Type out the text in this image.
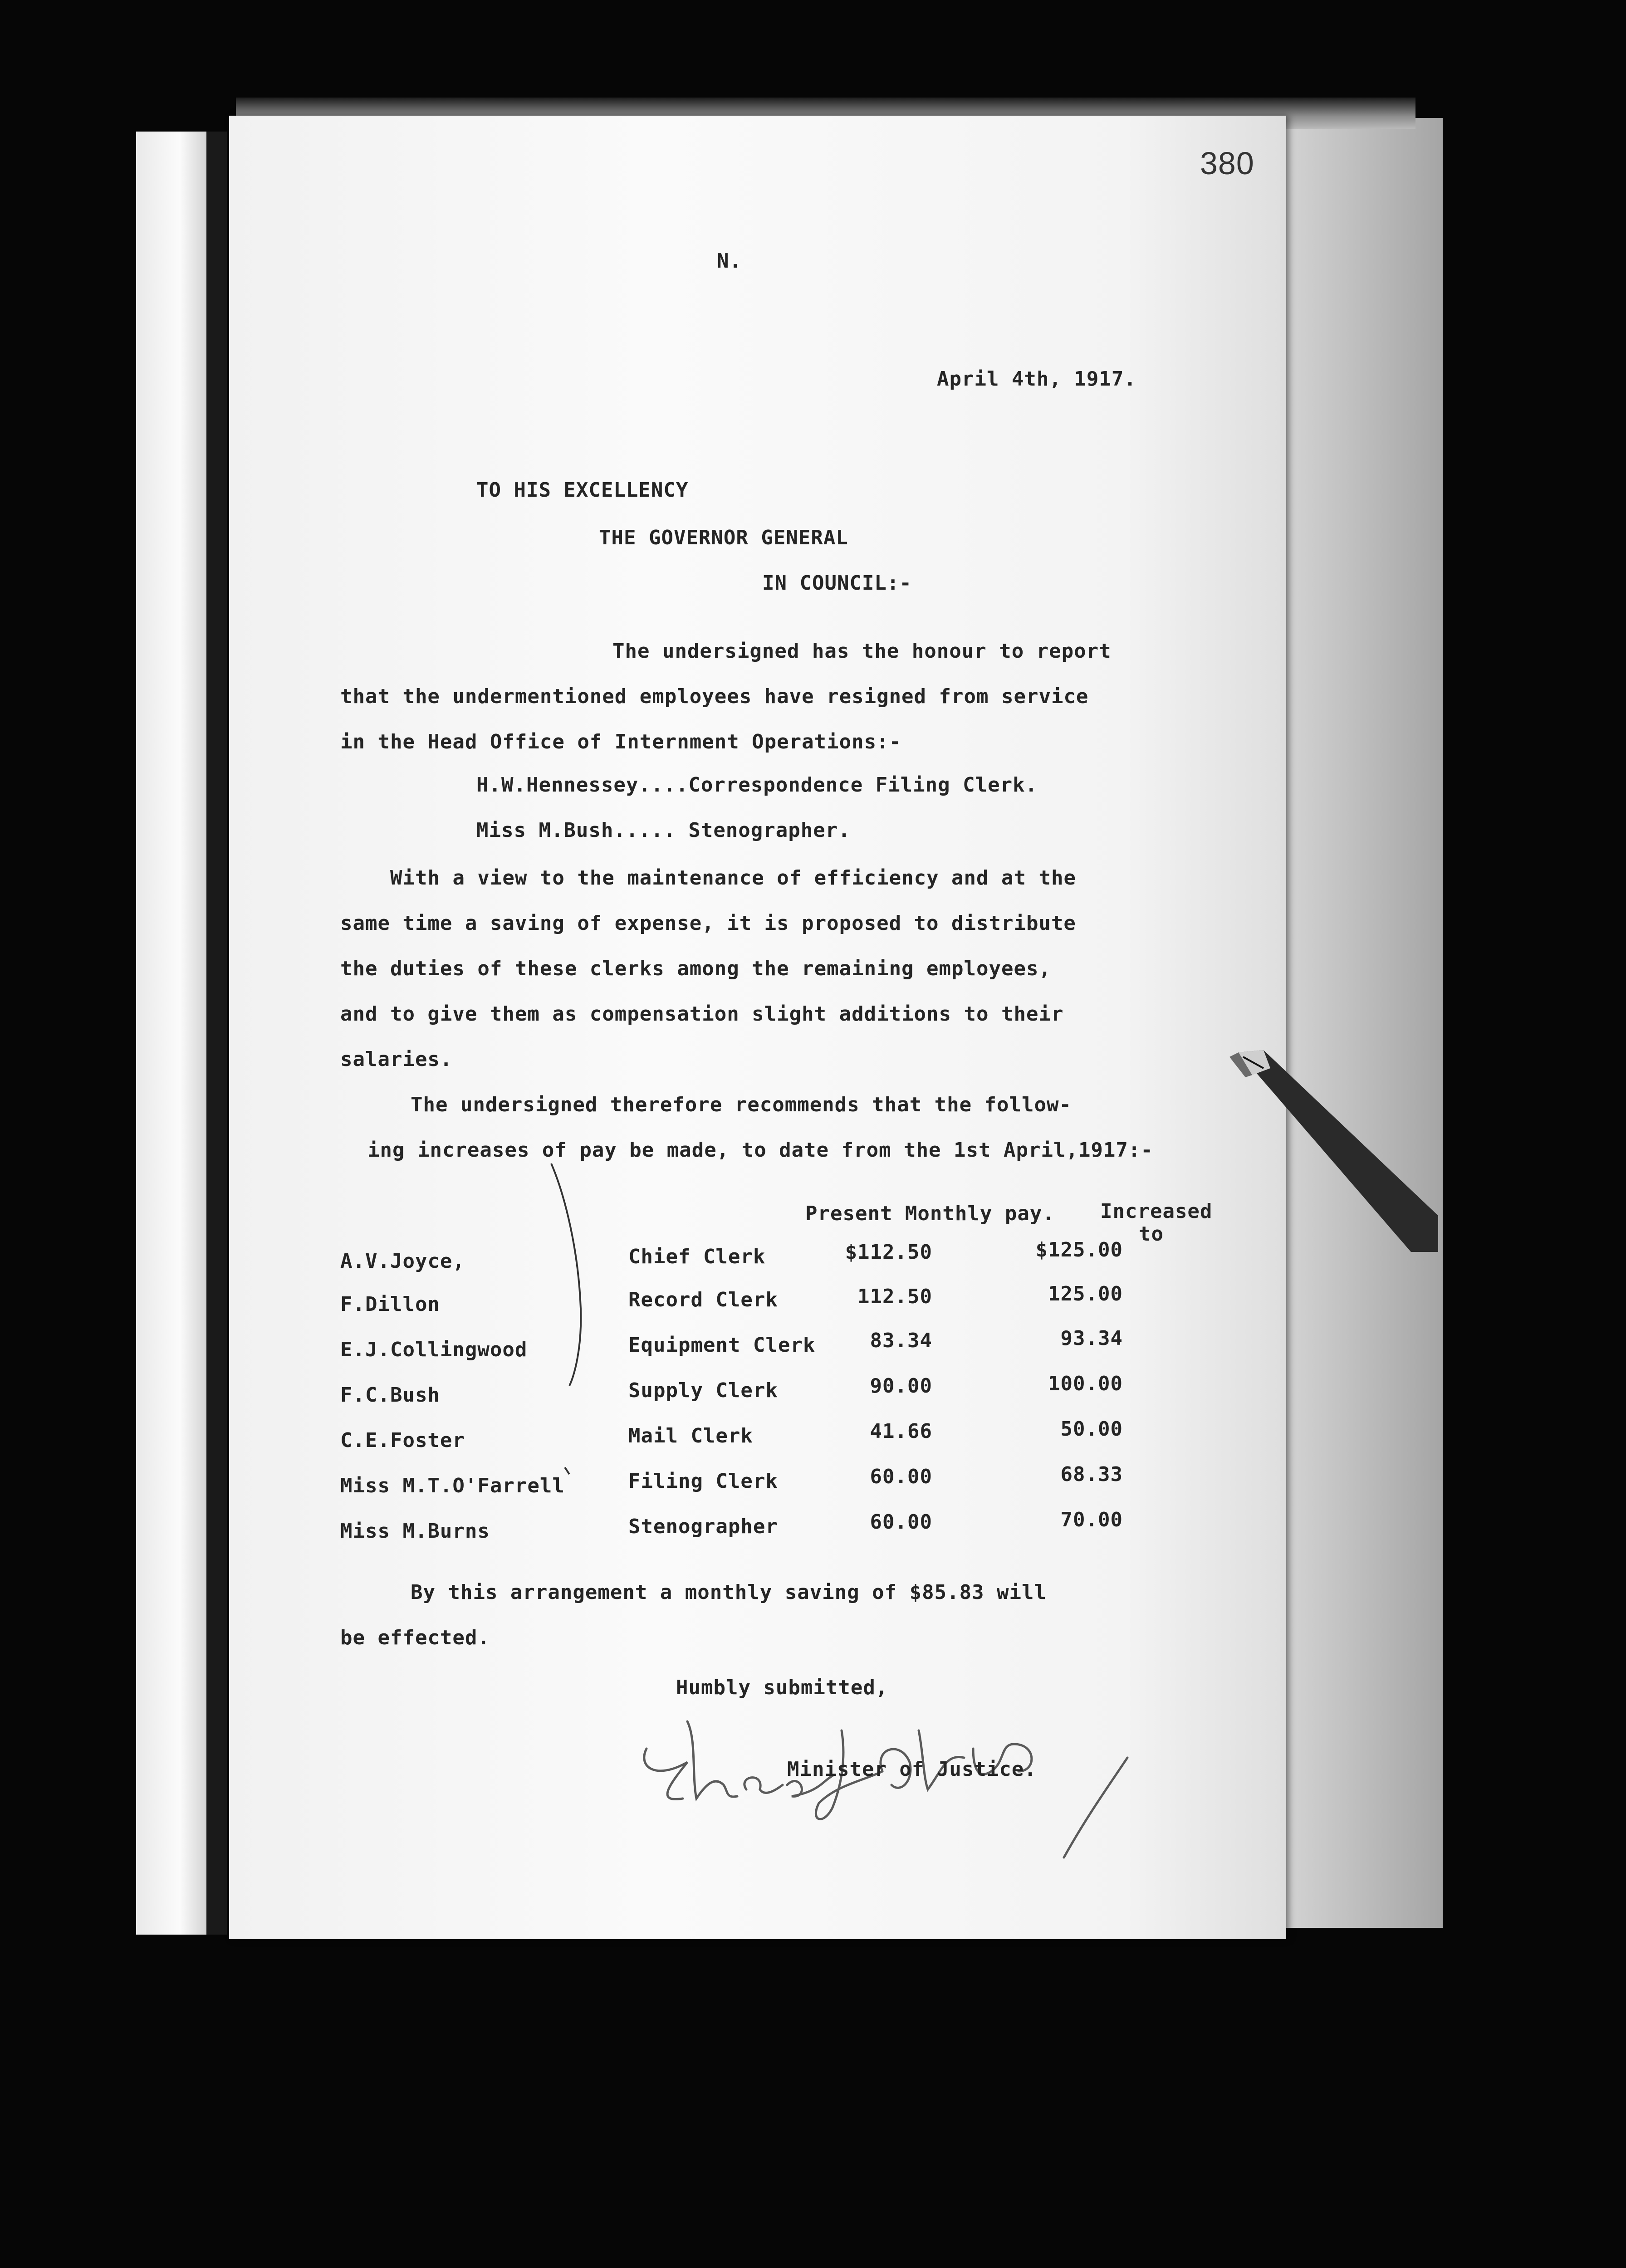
380
N.
April 4th, 1917.
TO HIS EXCELLENCY
THE GOVERNOR GENERAL
IN COUNCIL:-
The undersigned has the honour to report
that the undermentioned employees have resigned from service
in the Head Office of Internment Operations:-
H.W.Hennessey....Correspondence Filing Clerk.
Miss M.Bush..... Stenographer.
With a view to the maintenance of efficiency and at the
same time a saving of expense, it is proposed to distribute
the duties of these clerks among the remaining employees,
and to give them as compensation slight additions to their
salaries.
The undersigned therefore recommends that the follow-
ing increases of pay be made, to date from the 1st April,1917:-
Present Monthly pay. Increased
to
A.V.Joyce,	Chief Clerk	$112.50	$125.00
F.Dillon	Record Clerk	112.50	125.00
E.J.Collingwood	Equipment Clerk	83.34	93.34
F.C.Bush	Supply Clerk	90.00	100.00
C.E.Foster	Mail Clerk	41.66	50.00
Miss M.T.O'Farrell	Filing Clerk	60.00	68.33
Miss M.Burns	Stenographer	60.00	70.00
By this arrangement a monthly saving of $85.83 will
be effected.
Humbly submitted,
Minister of Justice.
